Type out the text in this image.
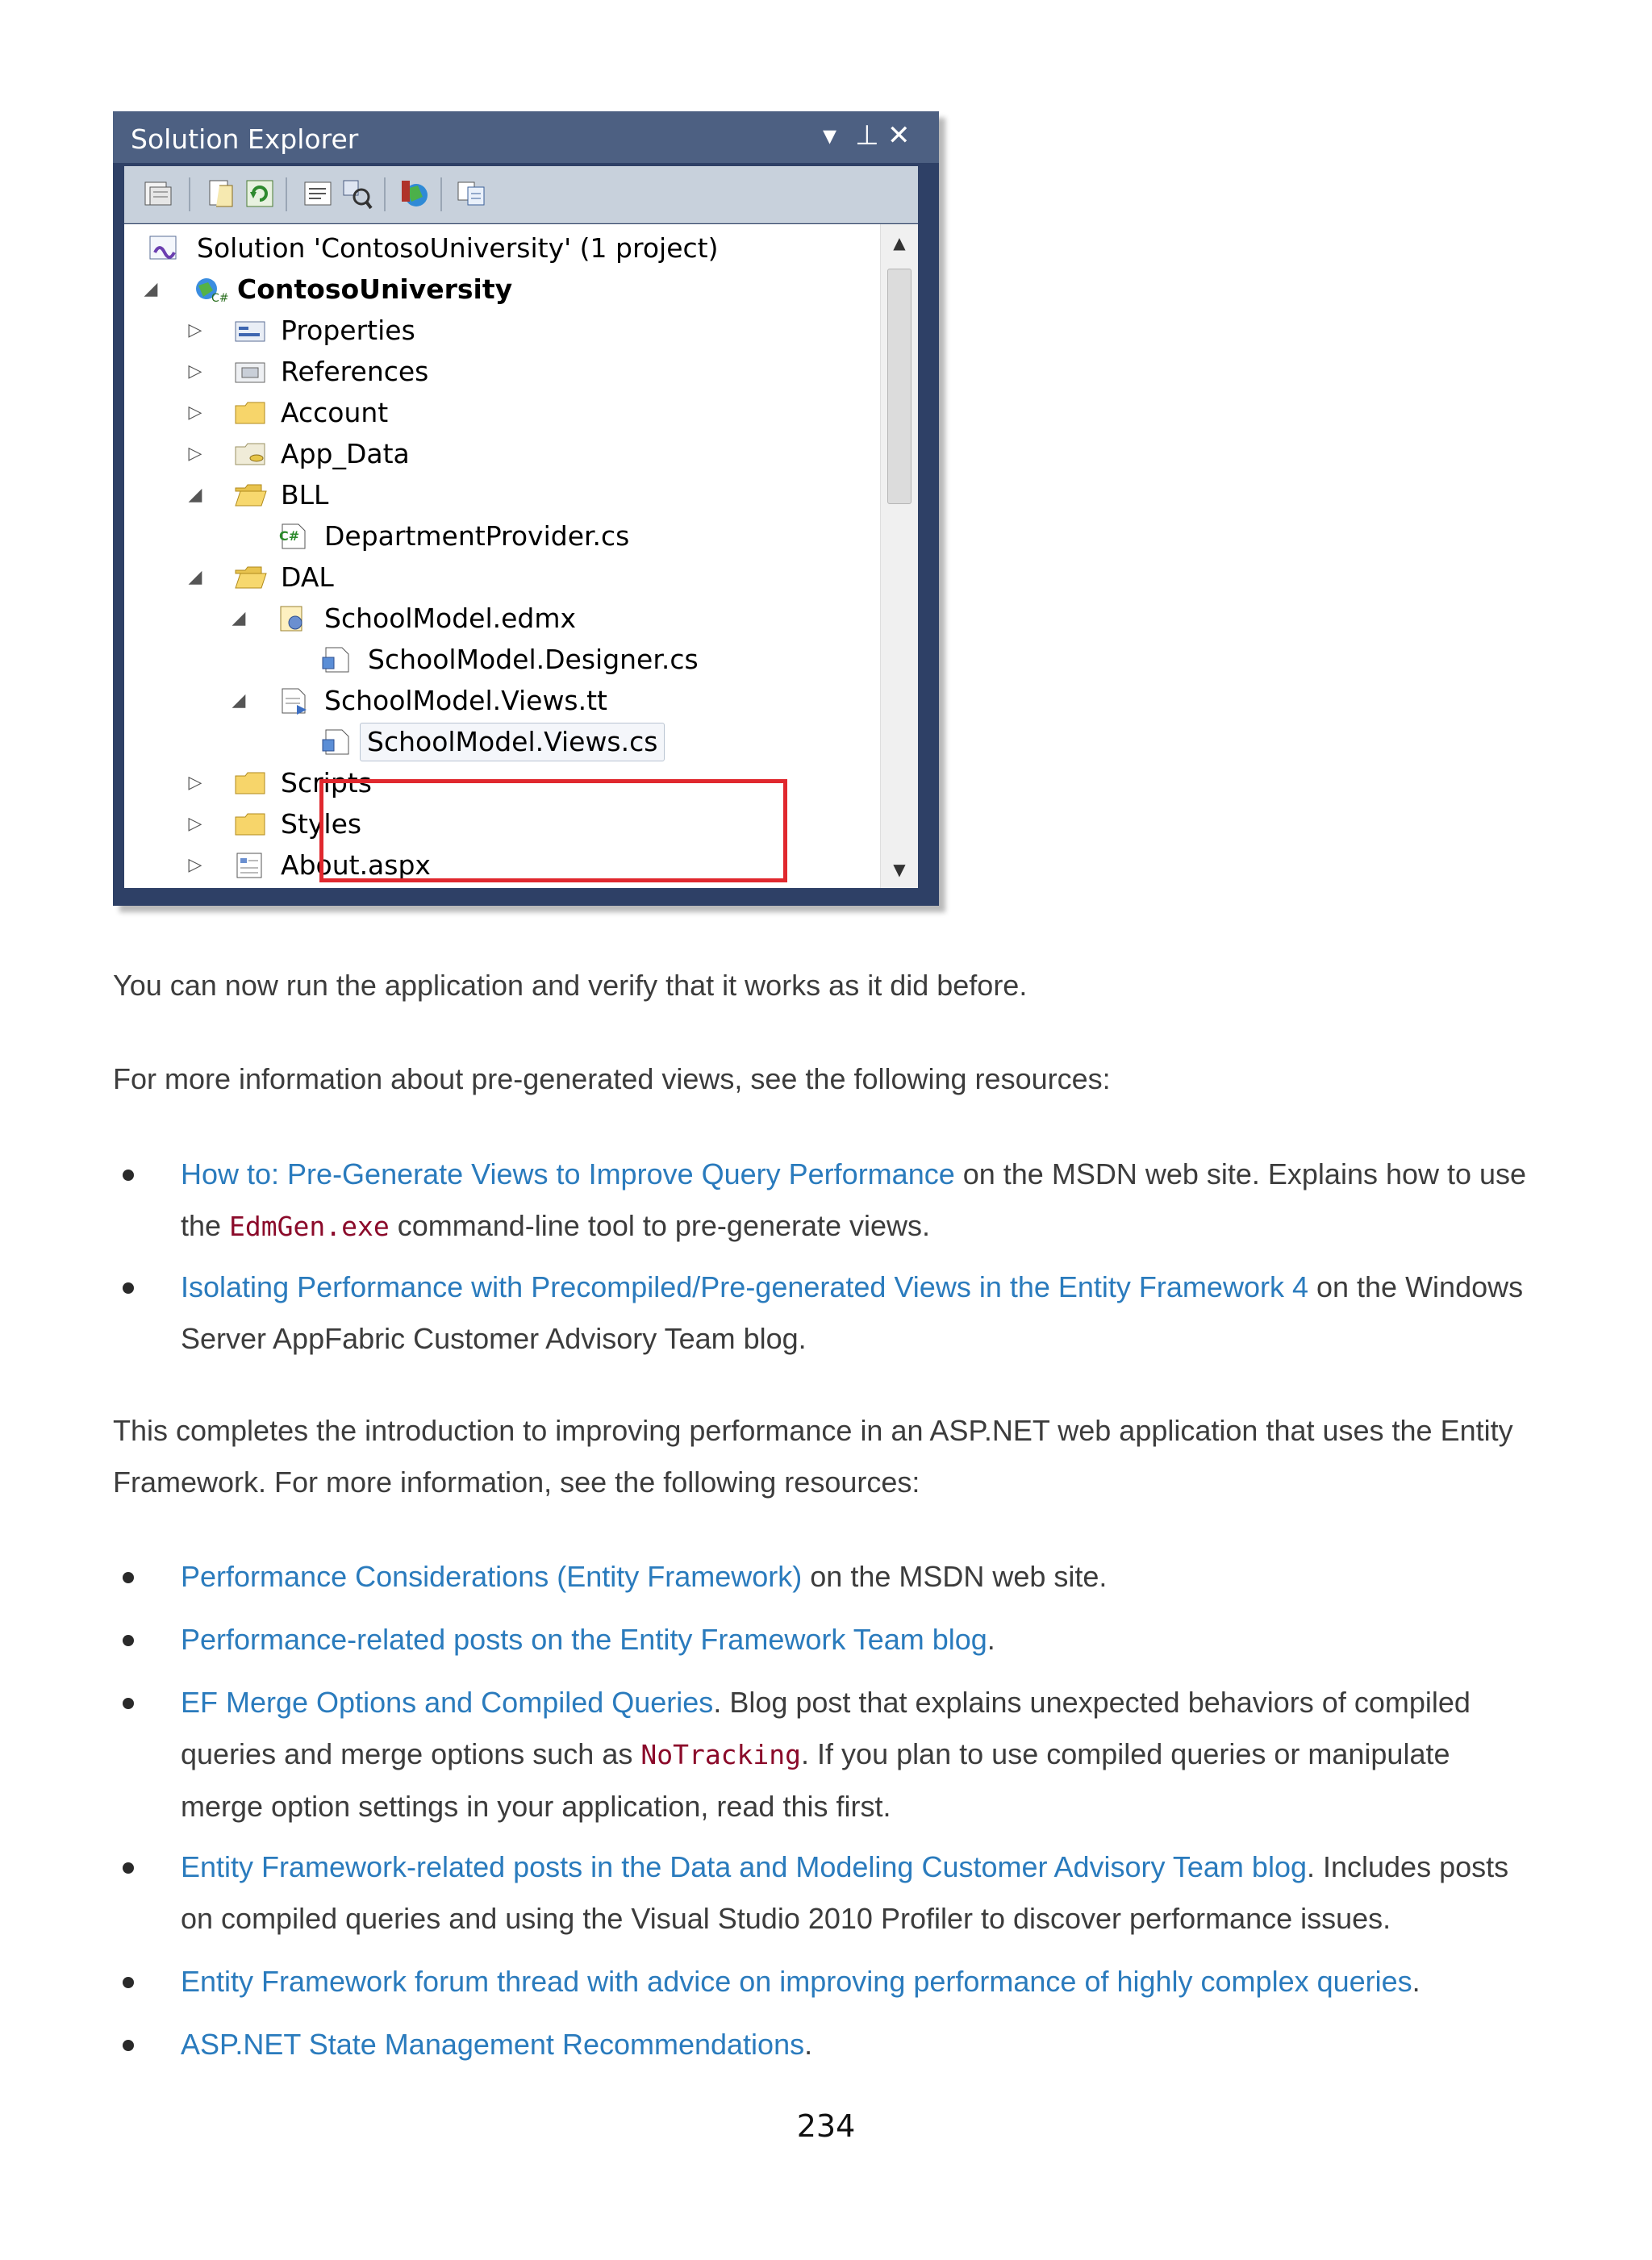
Solution Explorer	▾ ⊥ ✕
Solution 'ContosoUniversity' (1 project)
◢	C# ContosoUniversity
▷	Properties
▷	References
▷	Account
▷	App_Data
◢	BLL
C# DepartmentProvider.cs
◢	DAL
◢	SchoolModel.edmx
SchoolModel.Designer.cs
◢	SchoolModel.Views.tt
SchoolModel.Views.cs
▷	Scripts
▷	Styles
▷	About.aspx
▲
▼
You can now run the application and verify that it works as it did before.
For more information about pre-generated views, see the following resources:
How to: Pre-Generate Views to Improve Query Performance on the MSDN web site. Explains how to use the EdmGen.exe command-line tool to pre-generate views.
Isolating Performance with Precompiled/Pre-generated Views in the Entity Framework 4 on the Windows Server AppFabric Customer Advisory Team blog.
This completes the introduction to improving performance in an ASP.NET web application that uses the Entity Framework. For more information, see the following resources:
Performance Considerations (Entity Framework) on the MSDN web site.
Performance-related posts on the Entity Framework Team blog.
EF Merge Options and Compiled Queries. Blog post that explains unexpected behaviors of compiled queries and merge options such as NoTracking. If you plan to use compiled queries or manipulate merge option settings in your application, read this first.
Entity Framework-related posts in the Data and Modeling Customer Advisory Team blog. Includes posts on compiled queries and using the Visual Studio 2010 Profiler to discover performance issues.
Entity Framework forum thread with advice on improving performance of highly complex queries.
ASP.NET State Management Recommendations.
234
